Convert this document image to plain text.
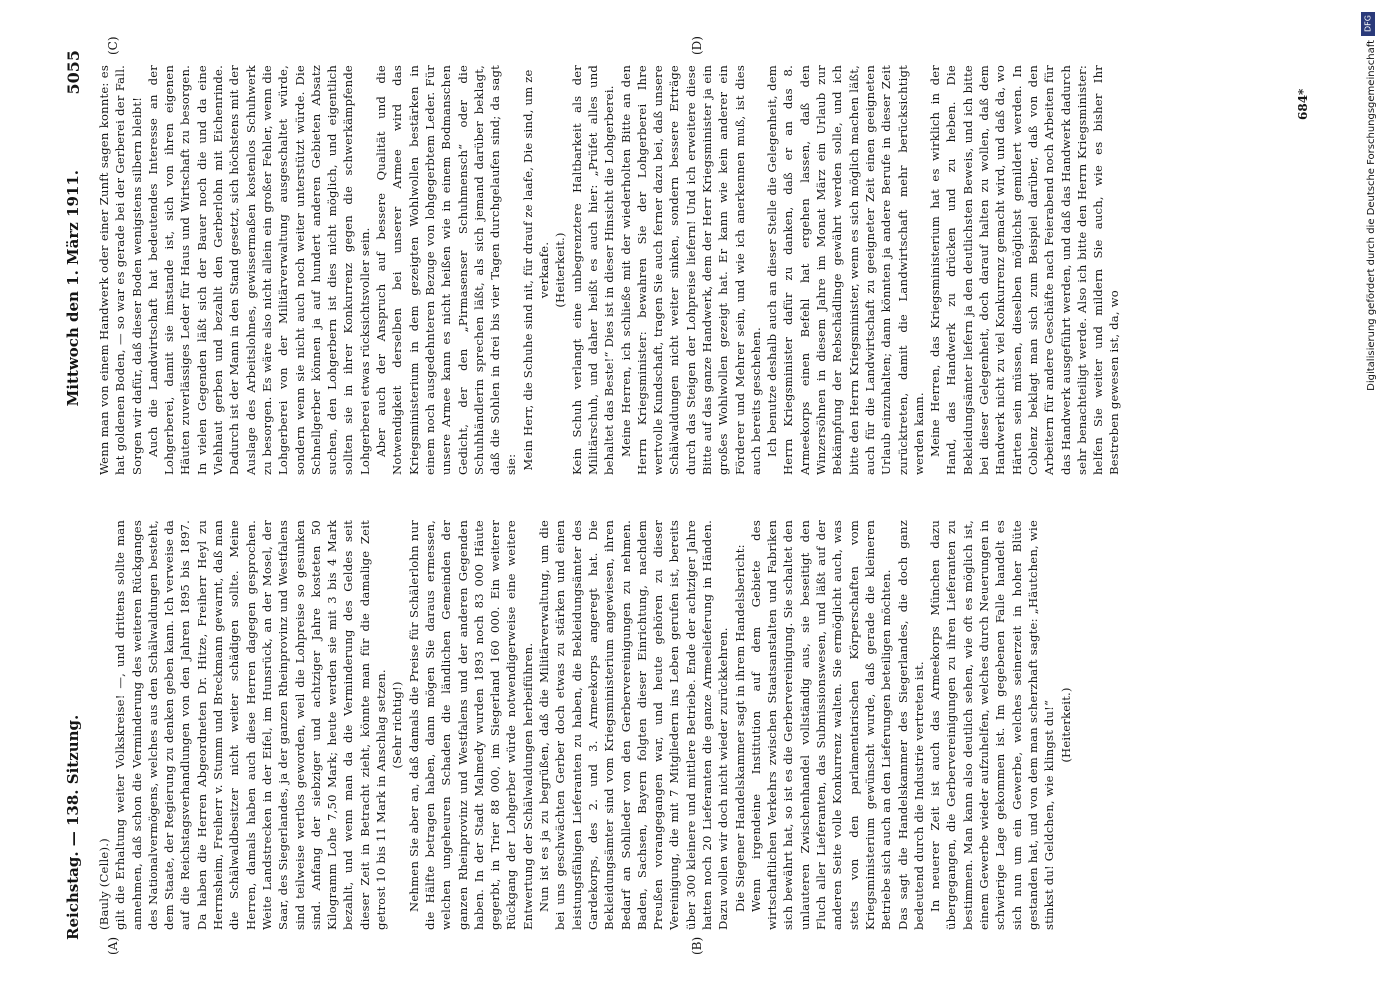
Reichstag. — 138. Sitzung.
Mittwoch den 1. März 1911.
5055
(A)	(B)
(C)	(D)

(Bauly (Celle).) gilt die Erhaltung weiter Volkskreise! —, und drittens sollte man annehmen, daß schon die Verminderung des weiteren Rückganges des Nationalvermögens, welches aus den Schälwaldungen besteht, dem Staate, der Regierung zu denken geben kann. Ich verweise da auf die Reichstagsverhandlungen von den Jahren 1895 bis 1897. Da haben die Herren Abgeordneten Dr. Hitze, Freiherr Heyl zu Herrnsheim, Freiherr v. Stumm und Breckmann gewarnt, daß man die Schälwaldbesitzer nicht weiter schädigen sollte. Meine Herren, damals haben auch diese Herren dagegen gesprochen. Weite Landstrecken in der Eifel, im Hunsrück, an der Mosel, der Saar, des Siegerlandes, ja der ganzen Rheinprovinz und Westfalens sind teilweise wertlos geworden, weil die Lohpreise so gesunken sind. Anfang der siebziger und achtziger Jahre kosteten 50 Kilogramm Lohe 7,50 Mark; heute werden sie mit 3 bis 4 Mark bezahlt, und wenn man da die Verminderung des Geldes seit dieser Zeit in Betracht zieht, könnte man für die damalige Zeit getrost 10 bis 11 Mark in Anschlag setzen. (Sehr richtig!) Nehmen Sie aber an, daß damals die Preise für Schälerlohn nur die Hälfte betragen haben, dann mögen Sie daraus ermessen, welchen ungeheuren Schaden die ländlichen Gemeinden der ganzen Rheinprovinz und Westfalens und der anderen Gegenden haben. In der Stadt Malmedy wurden 1893 noch 83 000 Häute gegerbt, in Trier 88 000, im Siegerland 160 000. Ein weiterer Rückgang der Lohgerber würde notwendigerweise eine weitere Entwertung der Schälwaldungen herbeiführen. Nun ist es ja zu begrüßen, daß die Militärverwaltung, um die bei uns geschwächten Gerber doch etwas zu stärken und einen leistungsfähigen Lieferanten zu haben, die Bekleidungsämter des Gardekorps, des 2. und 3. Armeekorps angeregt hat. Die Bekleidungsämter sind vom Kriegsministerium angewiesen, ihren Bedarf an Sohlleder von den Gerbervereinigungen zu nehmen. Baden, Sachsen, Bayern folgten dieser Einrichtung, nachdem Preußen vorangegangen war, und heute gehören zu dieser Vereinigung, die mit 7 Mitgliedern ins Leben gerufen ist, bereits über 300 kleinere und mittlere Betriebe. Ende der achtziger Jahre hatten noch 20 Lieferanten die ganze Armeelieferung in Händen. Dazu wollen wir doch nicht wieder zurückkehren. Die Siegener Handelskammer sagt in ihrem Handelsbericht: Wenn irgendeine Institution auf dem Gebiete des wirtschaftlichen Verkehrs zwischen Staatsanstalten und Fabriken sich bewährt hat, so ist es die Gerbervereinigung. Sie schaltet den unlauteren Zwischenhandel vollständig aus, sie beseitigt den Fluch aller Lieferanten, das Submissionswesen, und läßt auf der anderen Seite volle Konkurrenz walten. Sie ermöglicht auch, was stets von den parlamentarischen Körperschaften vom Kriegsministerium gewünscht wurde, daß gerade die kleineren Betriebe sich auch an den Lieferungen beteiligen möchten. Das sagt die Handelskammer des Siegerlandes, die doch ganz bedeutend durch die Industrie vertreten ist. In neuerer Zeit ist auch das Armeekorps München dazu übergegangen, die Gerbervereinigungen zu ihren Lieferanten zu bestimmen. Man kann also deutlich sehen, wie oft es möglich ist, einem Gewerbe wieder aufzuhelfen, welches durch Neuerungen in schwierige Lage gekommen ist. Im gegebenen Falle handelt es sich nun um ein Gewerbe, welches seinerzeit in hoher Blüte gestanden hat, und von dem man scherzhaft sagte: „Häutchen, wie stinkst du! Geldchen, wie klingst du!“ (Heiterkeit.)

Wenn man von einem Handwerk oder einer Zunft sagen konnte: es hat goldenen Boden, — so war es gerade bei der Gerberei der Fall. Sorgen wir dafür, daß dieser Boden wenigstens silbern bleibt! Auch die Landwirtschaft hat bedeutendes Interesse an der Lohgerberei, damit sie imstande ist, sich von ihren eigenen Häuten zuverlässiges Leder für Haus und Wirtschaft zu besorgen. In vielen Gegenden läßt sich der Bauer noch die und da eine Viehhaut gerben und bezahlt den Gerberlohn mit Eichenrinde. Dadurch ist der Mann in den Stand gesetzt, sich höchstens mit der Auslage des Arbeitslohnes, gewissermaßen kostenlos Schuhwerk zu besorgen. Es wäre also nicht allein ein großer Fehler, wenn die Lohgerberei von der Militärverwaltung ausgeschaltet würde, sondern wenn sie nicht auch noch weiter unterstützt würde. Die Schnellgerber können ja auf hundert anderen Gebieten Absatz suchen, den Lohgerbern ist dies nicht möglich, und eigentlich sollten sie in ihrer Konkurrenz gegen die schwerkämpfende Lohgerberei etwas rücksichtsvoller sein. Aber auch der Anspruch auf bessere Qualität und die Notwendigkeit derselben bei unserer Armee wird das Kriegsministerium in dem gezeigten Wohlwollen bestärken in einem noch ausgedehnteren Bezuge von lohgegerbtem Leder. Für unsere Armee kann es nicht heißen wie in einem Bodmanschen Gedicht, der den „Pirmasenser Schuhmensch“ oder die Schuhhändlerin sprechen läßt, als sich jemand darüber beklagt, daß die Sohlen in drei bis vier Tagen durchgelaufen sind; da sagt sie: Mein Herr, die Schuhe sind nit, für drauf ze laafe, Die sind, um ze verkaafe. (Heiterkeit.) Kein Schuh verlangt eine unbegrenztere Haltbarkeit als der Militärschuh, und daher heißt es auch hier: „Prüfet alles und behaltet das Beste!“ Dies ist in dieser Hinsicht die Lohgerberei. Meine Herren, ich schließe mit der wiederholten Bitte an den Herrn Kriegsminister: bewahren Sie der Lohgerberei Ihre wertvolle Kundschaft, tragen Sie auch ferner dazu bei, daß unsere Schälwaldungen nicht weiter sinken, sondern bessere Erträge durch das Steigen der Lohpreise liefern! Und ich erweitere diese Bitte auf das ganze Handwerk, dem der Herr Kriegsminister ja ein großes Wohlwollen gezeigt hat. Er kann wie kein anderer ein Förderer und Mehrer sein, und wie ich anerkennen muß, ist dies auch bereits geschehen. Ich benutze deshalb auch an dieser Stelle die Gelegenheit, dem Herrn Kriegsminister dafür zu danken, daß er an das 8. Armeekorps einen Befehl hat ergehen lassen, daß den Winzersöhnen in diesem Jahre im Monat März ein Urlaub zur Bekämpfung der Rebschädlinge gewährt werden solle, und ich bitte den Herrn Kriegsminister, wenn es sich möglich machen läßt, auch für die Landwirtschaft zu geeigneter Zeit einen geeigneten Urlaub einzuhalten; dann könnten ja andere Berufe in dieser Zeit zurücktreten, damit die Landwirtschaft mehr berücksichtigt werden kann. Meine Herren, das Kriegsministerium hat es wirklich in der Hand, das Handwerk zu drücken und zu heben. Die Bekleidungsämter liefern ja den deutlichsten Beweis, und ich bitte bei dieser Gelegenheit, doch darauf halten zu wollen, daß dem Handwerk nicht zu viel Konkurrenz gemacht wird, und daß da, wo Härten sein müssen, dieselben möglichst gemildert werden. In Coblenz beklagt man sich zum Beispiel darüber, daß von den Arbeitern für andere Geschäfte nach Feierabend noch Arbeiten für das Handwerk ausgeführt werden, und daß das Handwerk dadurch sehr benachteiligt werde. Also ich bitte den Herrn Kriegsminister: helfen Sie weiter und mildern Sie auch, wie es bisher Ihr Bestreben gewesen ist, da, wo

684*
DFG
Digitalisierung gefördert durch die Deutsche Forschungsgemeinschaft
